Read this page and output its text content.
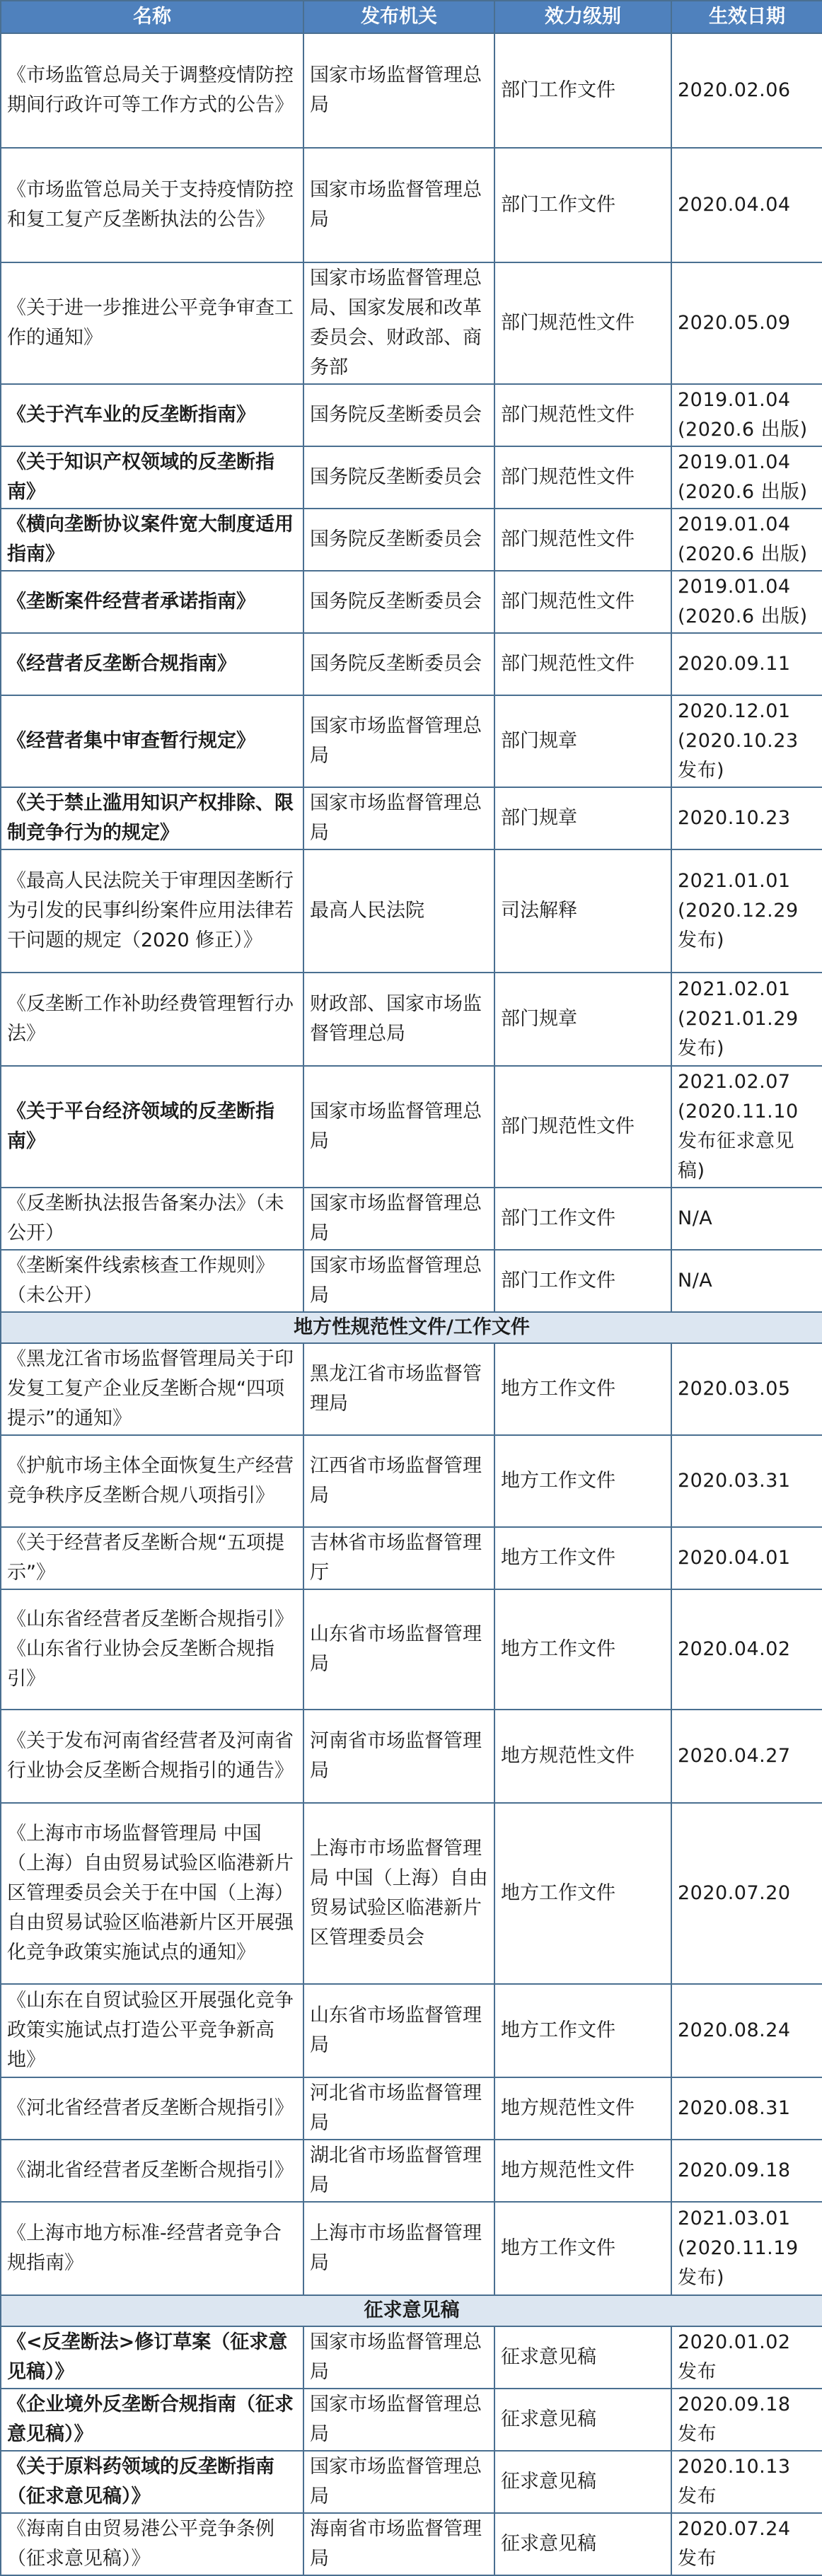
名称	发布机关	效力级别	生效日期
《市场监管总局关于调整疫情防控期间行政许可等工作方式的公告》	国家市场监督管理总局	部门工作文件	2020.02.06
《市场监管总局关于支持疫情防控和复工复产反垄断执法的公告》	国家市场监督管理总局	部门工作文件	2020.04.04
《关于进一步推进公平竞争审查工作的通知》	国家市场监督管理总局、国家发展和改革委员会、财政部、商务部	部门规范性文件	2020.05.09
《关于汽车业的反垄断指南》	国务院反垄断委员会	部门规范性文件	2019.01.04 (2020.6 出版)
《关于知识产权领域的反垄断指南》	国务院反垄断委员会	部门规范性文件	2019.01.04 (2020.6 出版)
《横向垄断协议案件宽大制度适用指南》	国务院反垄断委员会	部门规范性文件	2019.01.04 (2020.6 出版)
《垄断案件经营者承诺指南》	国务院反垄断委员会	部门规范性文件	2019.01.04 (2020.6 出版)
《经营者反垄断合规指南》	国务院反垄断委员会	部门规范性文件	2020.09.11
《经营者集中审查暂行规定》	国家市场监督管理总局	部门规章	2020.12.01 (2020.10.23 发布)
《关于禁止滥用知识产权排除、限制竞争行为的规定》	国家市场监督管理总局	部门规章	2020.10.23
《最高人民法院关于审理因垄断行为引发的民事纠纷案件应用法律若干问题的规定（2020 修正）》	最高人民法院	司法解释	2021.01.01 (2020.12.29 发布)
《反垄断工作补助经费管理暂行办法》	财政部、国家市场监督管理总局	部门规章	2021.02.01 (2021.01.29 发布)
《关于平台经济领域的反垄断指南》	国家市场监督管理总局	部门规范性文件	2021.02.07 (2020.11.10 发布征求意见稿)
《反垄断执法报告备案办法》（未公开）	国家市场监督管理总局	部门工作文件	N/A
《垄断案件线索核查工作规则》（未公开）	国家市场监督管理总局	部门工作文件	N/A
地方性规范性文件/工作文件			
《黑龙江省市场监督管理局关于印发复工复产企业反垄断合规“四项提示”的通知》	黑龙江省市场监督管理局	地方工作文件	2020.03.05
《护航市场主体全面恢复生产经营竞争秩序反垄断合规八项指引》	江西省市场监督管理局	地方工作文件	2020.03.31
《关于经营者反垄断合规“五项提示”》	吉林省市场监督管理厅	地方工作文件	2020.04.01
《山东省经营者反垄断合规指引》 《山东省行业协会反垄断合规指引》	山东省市场监督管理局	地方工作文件	2020.04.02
《关于发布河南省经营者及河南省行业协会反垄断合规指引的通告》	河南省市场监督管理局	地方规范性文件	2020.04.27
《上海市市场监督管理局 中国（上海）自由贸易试验区临港新片区管理委员会关于在中国（上海）自由贸易试验区临港新片区开展强化竞争政策实施试点的通知》	上海市市场监督管理局 中国（上海）自由贸易试验区临港新片区管理委员会	地方工作文件	2020.07.20
《山东在自贸试验区开展强化竞争政策实施试点打造公平竞争新高地》	山东省市场监督管理局	地方工作文件	2020.08.24
《河北省经营者反垄断合规指引》	河北省市场监督管理局	地方规范性文件	2020.08.31
《湖北省经营者反垄断合规指引》	湖北省市场监督管理局	地方规范性文件	2020.09.18
《上海市地方标准-经营者竞争合规指南》	上海市市场监督管理局	地方工作文件	2021.03.01 (2020.11.19 发布)
征求意见稿			
《<反垄断法>修订草案（征求意见稿）》	国家市场监督管理总局	征求意见稿	2020.01.02 发布
《企业境外反垄断合规指南（征求意见稿）》	国家市场监督管理总局	征求意见稿	2020.09.18 发布
《关于原料药领域的反垄断指南（征求意见稿）》	国家市场监督管理总局	征求意见稿	2020.10.13 发布
《海南自由贸易港公平竞争条例（征求意见稿）》	海南省市场监督管理局	征求意见稿	2020.07.24 发布
